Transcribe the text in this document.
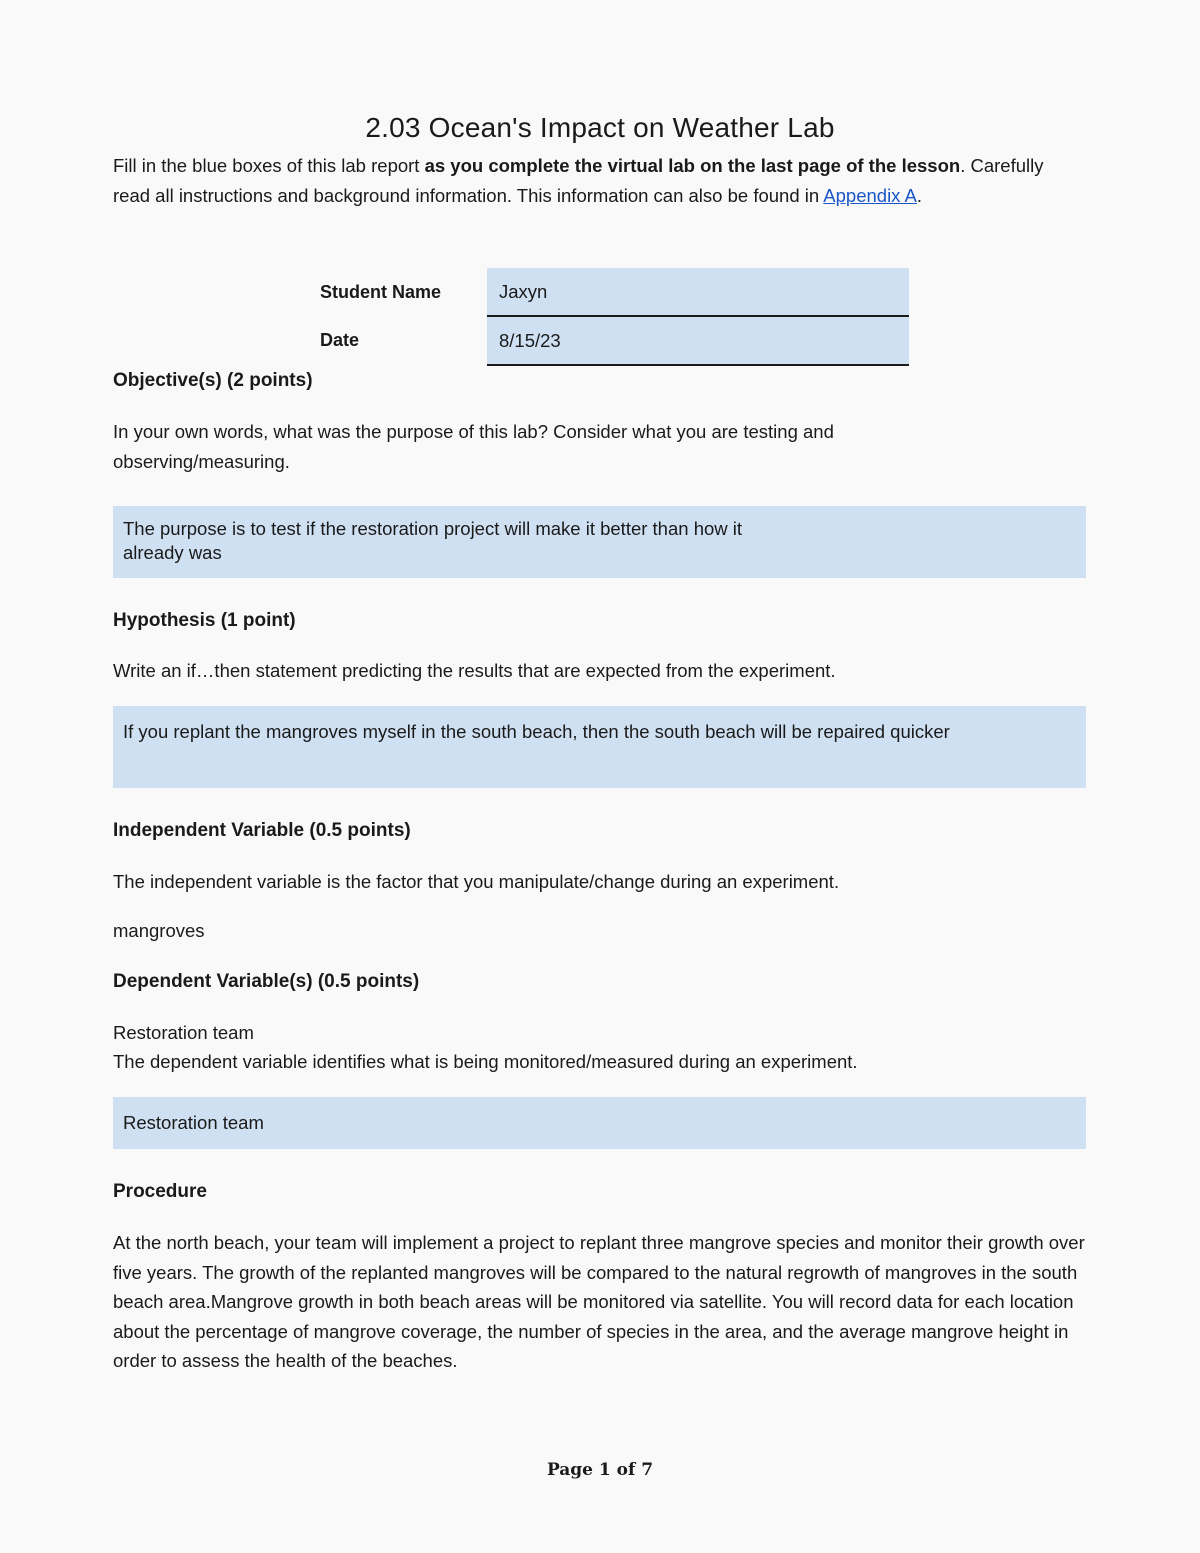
2.03 Ocean's Impact on Weather Lab
Fill in the blue boxes of this lab report as you complete the virtual lab on the last page of the lesson. Carefully read all instructions and background information. This information can also be found in Appendix A.
Student Name	Jaxyn
Date	8/15/23
Objective(s) (2 points)
In your own words, what was the purpose of this lab? Consider what you are testing and observing/measuring.
The purpose is to test if the restoration project will make it better than how it
already was
Hypothesis (1 point)
Write an if…then statement predicting the results that are expected from the experiment.
If you replant the mangroves myself in the south beach, then the south beach will be repaired quicker
Independent Variable (0.5 points)
The independent variable is the factor that you manipulate/change during an experiment.
mangroves
Dependent Variable(s) (0.5 points)
Restoration team
The dependent variable identifies what is being monitored/measured during an experiment.
Restoration team
Procedure
At the north beach, your team will implement a project to replant three mangrove species and monitor their growth over five years. The growth of the replanted mangroves will be compared to the natural regrowth of mangroves in the south beach area.Mangrove growth in both beach areas will be monitored via satellite. You will record data for each location about the percentage of mangrove coverage, the number of species in the area, and the average mangrove height in order to assess the health of the beaches.
Page 1 of 7
